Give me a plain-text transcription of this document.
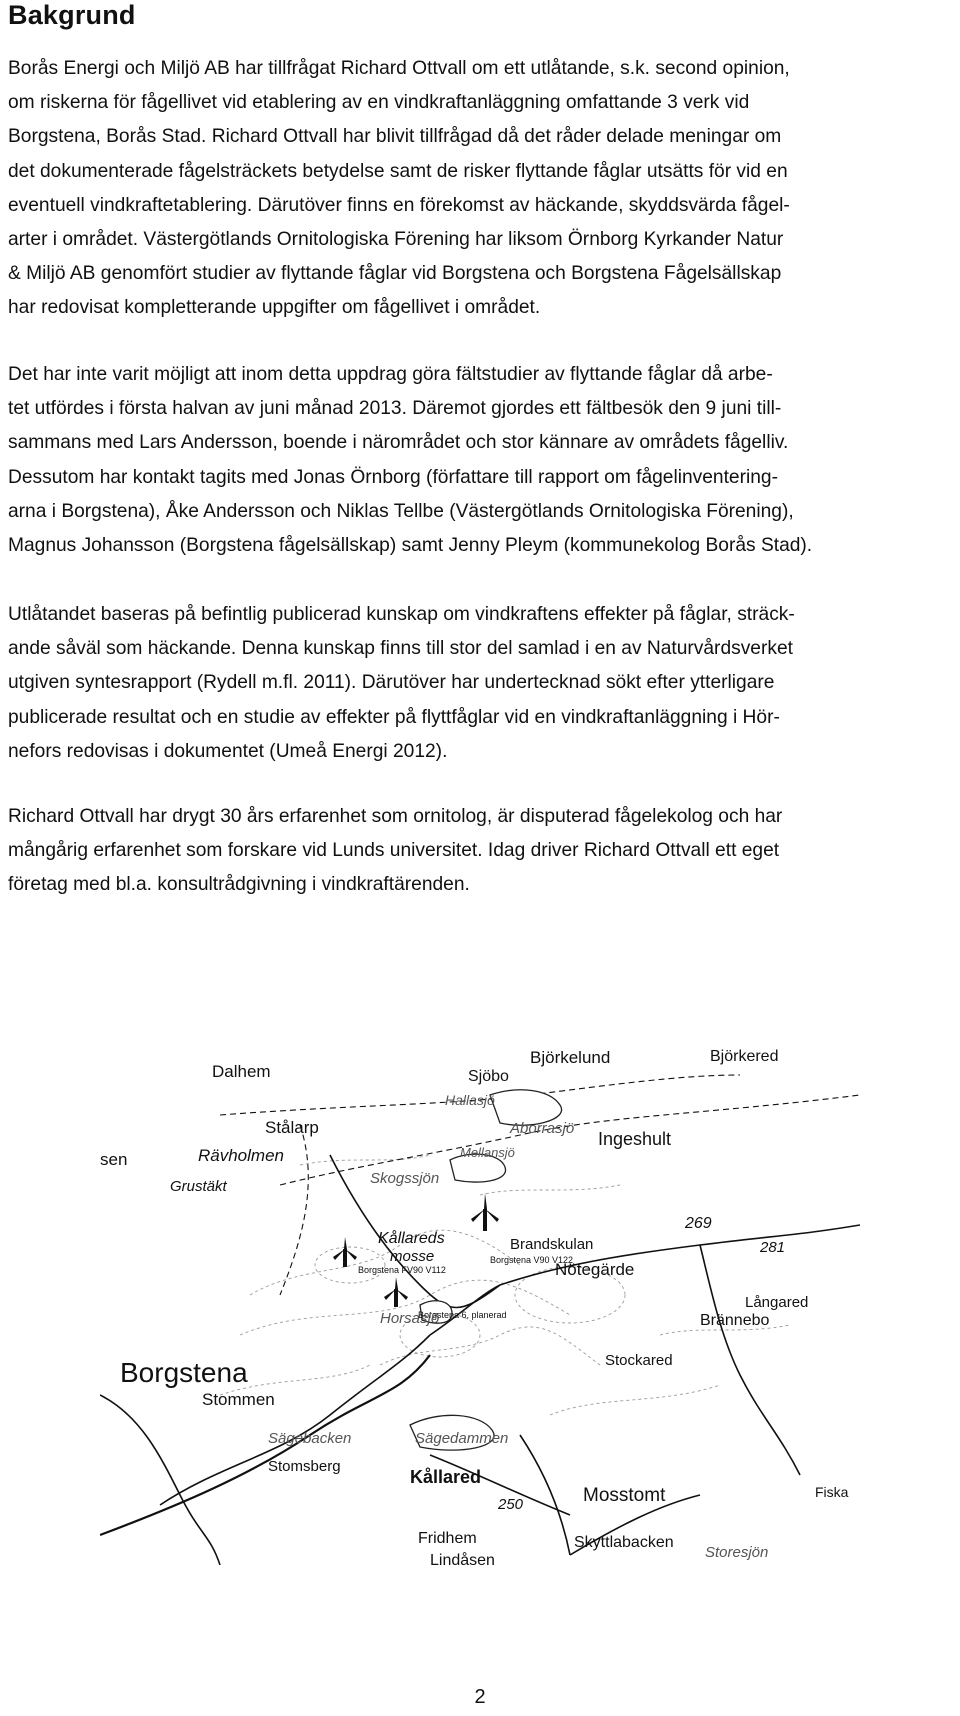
Bakgrund
Borås Energi och Miljö AB har tillfrågat Richard Ottvall om ett utlåtande, s.k. second opinion,
om riskerna för fågellivet vid etablering av en vindkraftanläggning omfattande 3 verk vid
Borgstena, Borås Stad. Richard Ottvall har blivit tillfrågad då det råder delade meningar om
det dokumenterade fågelsträckets betydelse samt de risker flyttande fåglar utsätts för vid en
eventuell vindkraftetablering. Därutöver finns en förekomst av häckande, skyddsvärda fågel-
arter i området. Västergötlands Ornitologiska Förening har liksom Örnborg Kyrkander Natur
& Miljö AB genomfört studier av flyttande fåglar vid Borgstena och Borgstena Fågelsällskap
har redovisat kompletterande uppgifter om fågellivet i området.
Det har inte varit möjligt att inom detta uppdrag göra fältstudier av flyttande fåglar då arbe-
tet utfördes i första halvan av juni månad 2013. Däremot gjordes ett fältbesök den 9 juni till-
sammans med Lars Andersson, boende i närområdet och stor kännare av områdets fågelliv.
Dessutom har kontakt tagits med Jonas Örnborg (författare till rapport om fågelinventering-
arna i Borgstena), Åke Andersson och Niklas Tellbe (Västergötlands Ornitologiska Förening),
Magnus Johansson (Borgstena fågelsällskap) samt Jenny Pleym (kommunekolog Borås Stad).
Utlåtandet baseras på befintlig publicerad kunskap om vindkraftens effekter på fåglar, sträck-
ande såväl som häckande. Denna kunskap finns till stor del samlad i en av Naturvårdsverket
utgiven syntesrapport (Rydell m.fl. 2011). Därutöver har undertecknad sökt efter ytterligare
publicerade resultat och en studie av effekter på flyttfåglar vid en vindkraftanläggning i Hör-
nefors redovisas i dokumentet (Umeå Energi 2012).
Richard Ottvall har drygt 30 års erfarenhet som ornitolog, är disputerad fågelekolog och har
mångårig erfarenhet som forskare vid Lunds universitet. Idag driver Richard Ottvall ett eget
företag med bl.a. konsultrådgivning i vindkraftärenden.
Dalhem	Sjöbo
Björkelund	Björkered
Hallasjö
Stålarp	Aborrasjö
Ingeshult
sen	Rävholmen	Mellansjö
Grustäkt	Skogssjön
269
Kållareds
mosse
Brandskulan
Borgstena V90 V122
281
Borgstena FV90 V112	Nötegärde
Horsasjö
Långared
Borgstena 6, planerad	Brännebo
Stockared
Borgstena
Stommen
Sägebacken	Sägedammen
Stomsberg
Kållared
250	Mosstomt	Fiska
Fridhem	Skyttlabacken
Storesjön
Lindåsen
2
